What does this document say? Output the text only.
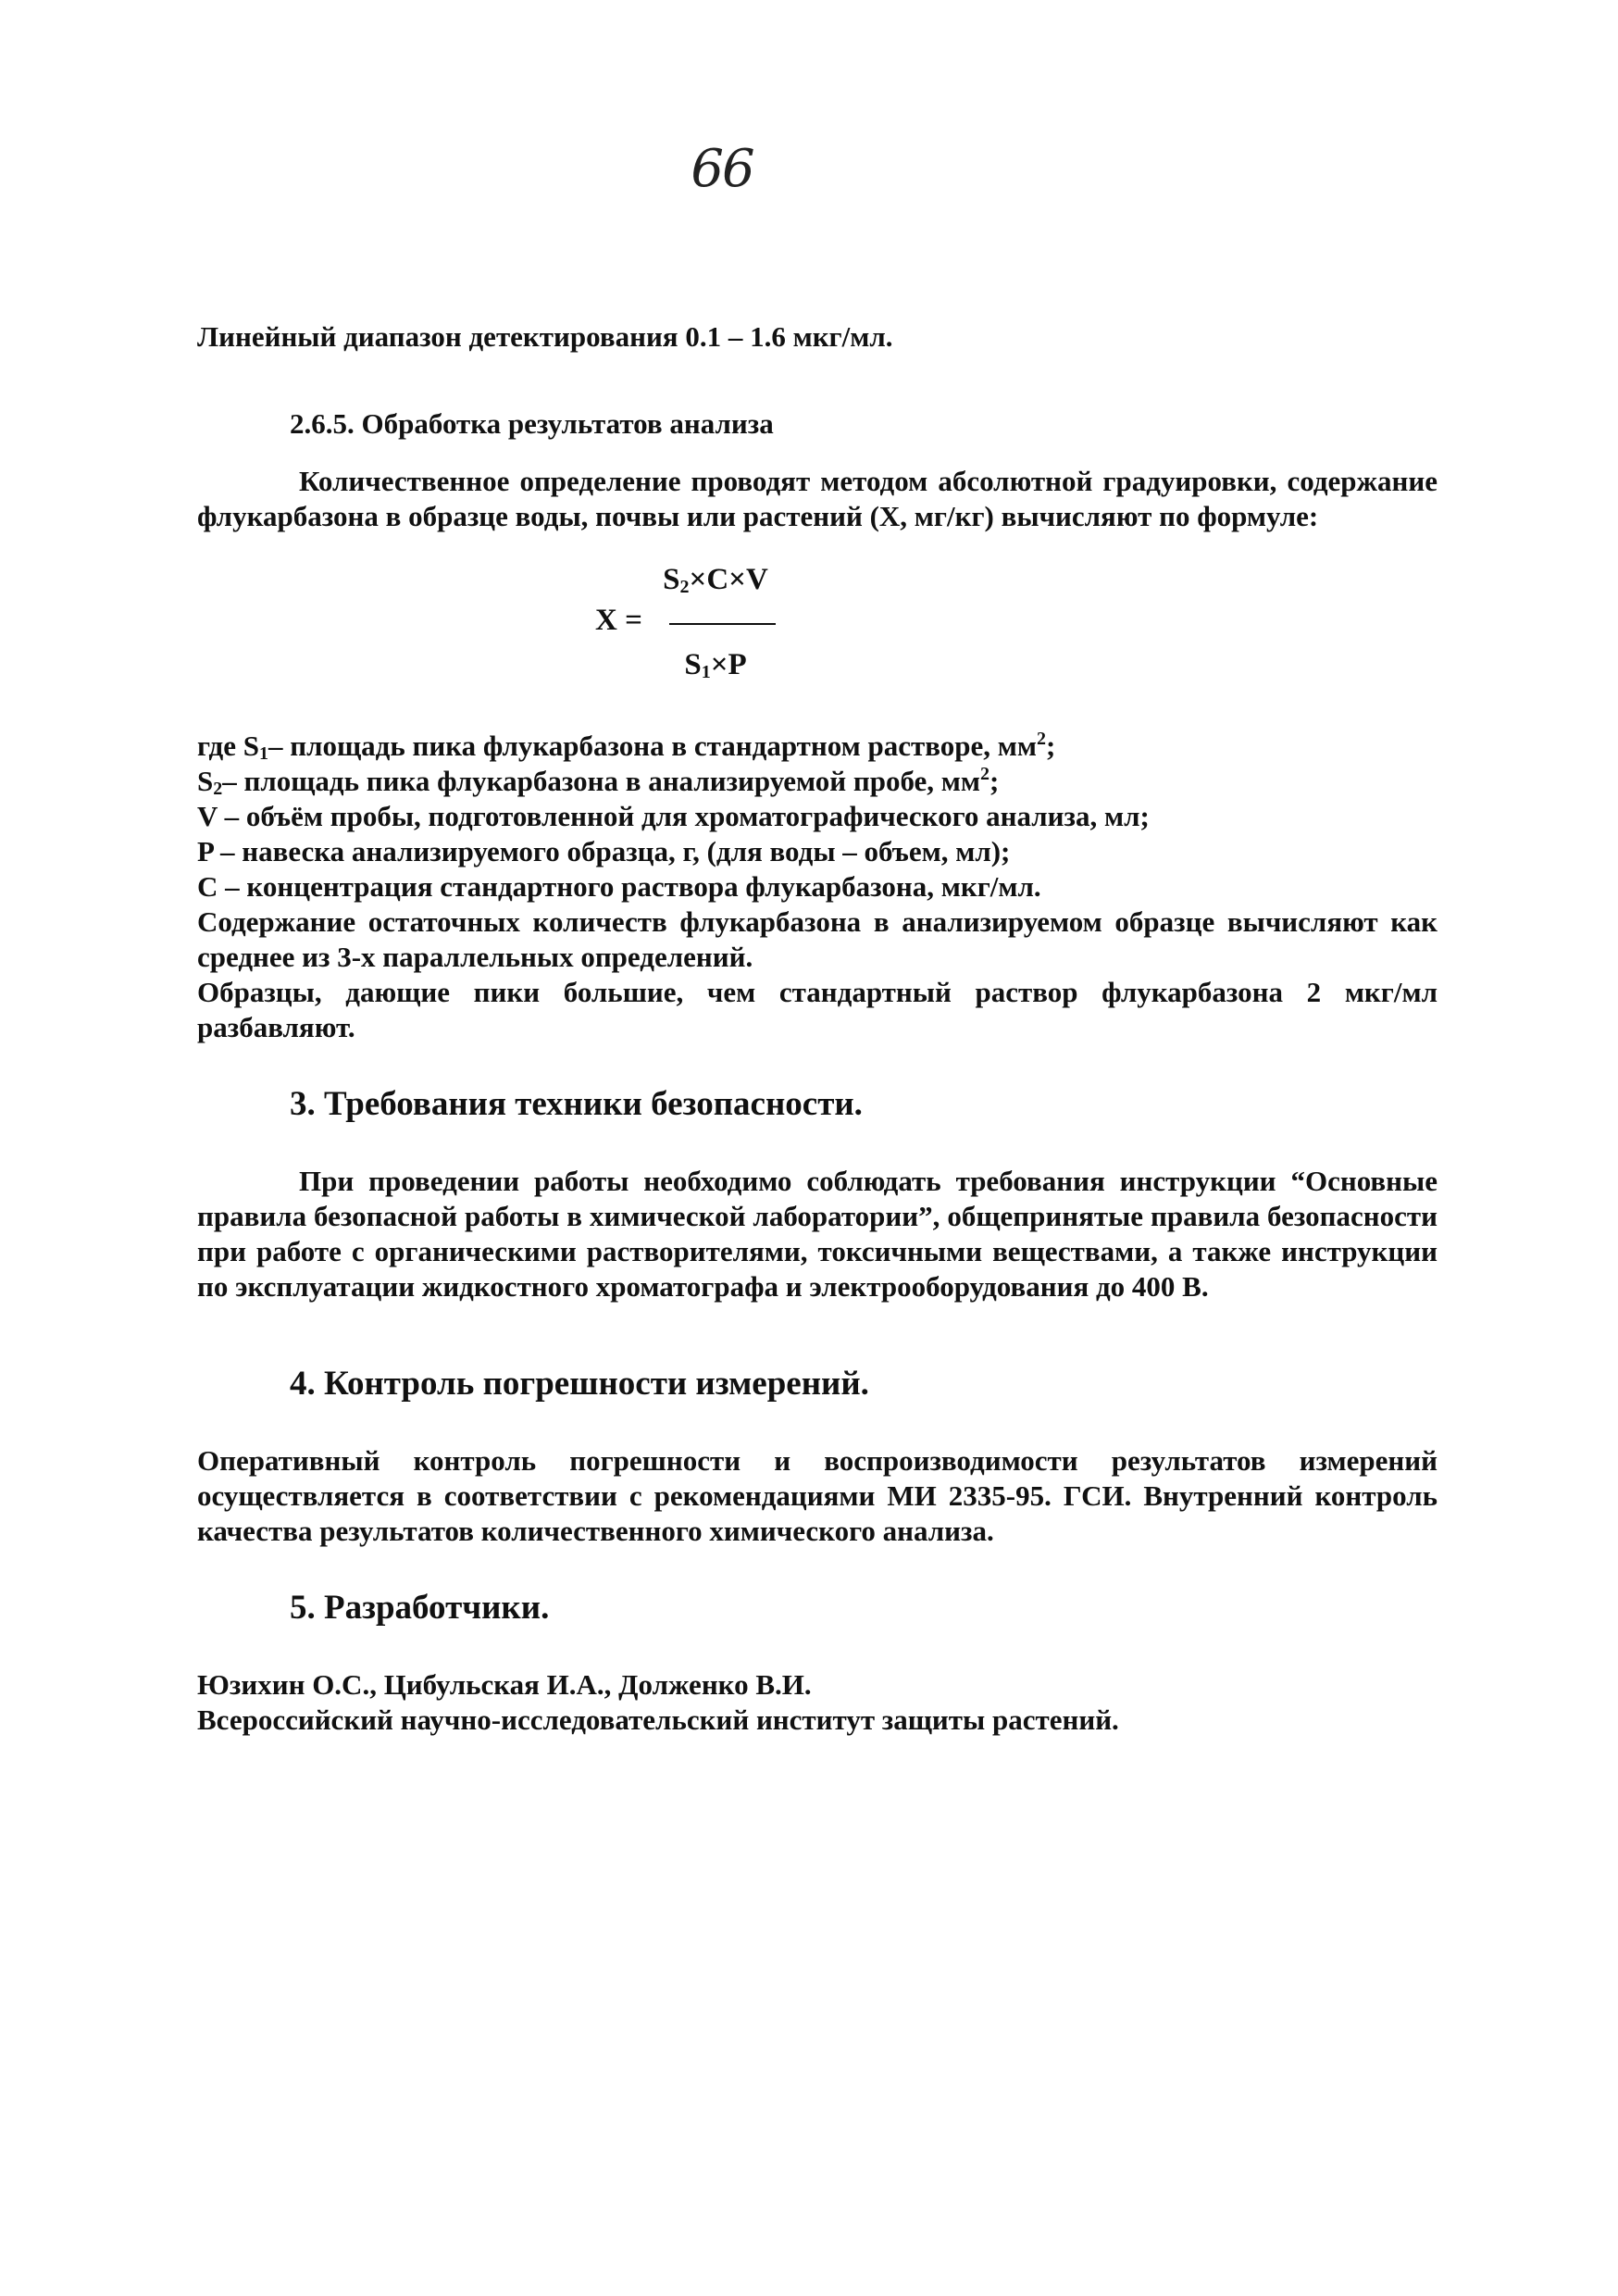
66

Линейный диапазон детектирования 0.1 – 1.6 мкг/мл.

2.6.5. Обработка результатов анализа

Количественное определение проводят методом абсолютной градуировки, содержание флукарбазона в образце воды, почвы или растений (Х, мг/кг) вычисляют по формуле:

X =
$S_2\times C\times V$
$S_1\times P$

где $S_1-$ площадь пика флукарбазона в стандартном растворе, $мм^2$;

$S_2-$ площадь пика флукарбазона в анализируемой пробе, $мм^2$;

V – объём пробы, подготовленной для хроматографического анализа, мл;

P – навеска анализируемого образца, г, (для воды – объем, мл);

C – концентрация стандартного раствора флукарбазона, мкг/мл.

Содержание остаточных количеств флукарбазона в анализируемом образце вычисляют как среднее из 3-х параллельных определений.

Образцы, дающие пики большие, чем стандартный раствор флукарбазона 2 мкг/мл разбавляют.

3. Требования техники безопасности.

При проведении работы необходимо соблюдать требования инструкции “Основные правила безопасной работы в химической лаборатории”, общепринятые правила безопасности при работе с органическими растворителями, токсичными веществами, а также инструкции по эксплуатации жидкостного хроматографа и электрооборудования до 400 В.

4. Контроль погрешности измерений.

Оперативный контроль погрешности и воспроизводимости результатов измерений осуществляется в соответствии с рекомендациями МИ 2335-95. ГСИ. Внутренний контроль качества результатов количественного химического анализа.

5. Разработчики.

Юзихин О.С., Цибульская И.А., Долженко В.И.

Всероссийский научно-исследовательский институт защиты растений.
